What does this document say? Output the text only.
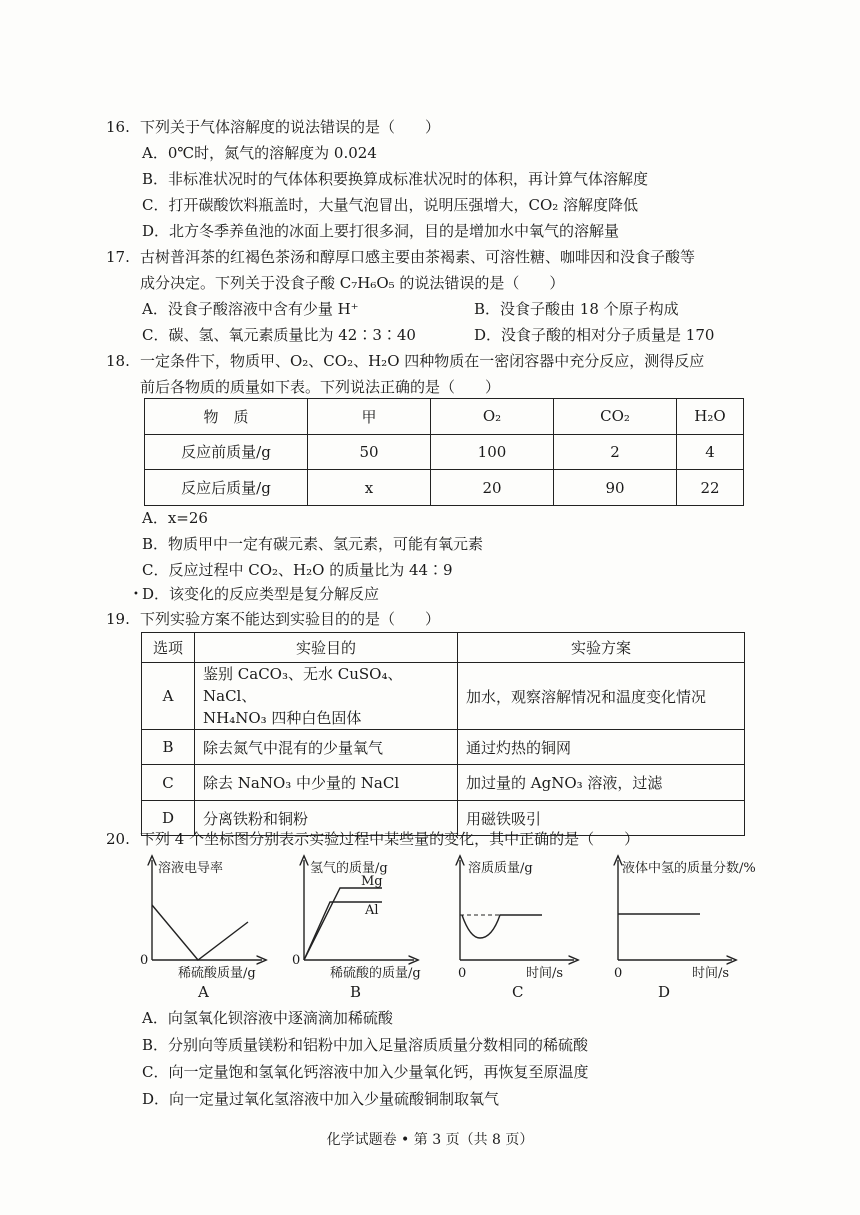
16. 下列关于气体溶解度的说法错误的是（　　）
A．0℃时，氮气的溶解度为 0.024
B．非标准状况时的气体体积要换算成标准状况时的体积，再计算气体溶解度
C．打开碳酸饮料瓶盖时，大量气泡冒出，说明压强增大，CO₂ 溶解度降低
D．北方冬季养鱼池的冰面上要打很多洞，目的是增加水中氧气的溶解量
17. 古树普洱茶的红褐色茶汤和醇厚口感主要由茶褐素、可溶性糖、咖啡因和没食子酸等
成分决定。下列关于没食子酸 C₇H₆O₅ 的说法错误的是（　　）
A．没食子酸溶液中含有少量 H⁺	B．没食子酸由 18 个原子构成
C．碳、氢、氧元素质量比为 42∶3∶40	D．没食子酸的相对分子质量是 170
18. 一定条件下，物质甲、O₂、CO₂、H₂O 四种物质在一密闭容器中充分反应，测得反应
前后各物质的质量如下表。下列说法正确的是（　　）
物　质	甲	O₂	CO₂	H₂O
反应前质量/g	50	100	2	4
反应后质量/g	x	20	90	22
A．x=26
B．物质甲中一定有碳元素、氢元素，可能有氧元素
C．反应过程中 CO₂、H₂O 的质量比为 44∶9
• D．该变化的反应类型是复分解反应
19. 下列实验方案不能达到实验目的的是（　　）
选项	实验目的	实验方案
A	鉴别 CaCO₃、无水 CuSO₄、NaCl、
NH₄NO₃ 四种白色固体	加水，观察溶解情况和温度变化情况
B	除去氮气中混有的少量氧气	通过灼热的铜网
C	除去 NaNO₃ 中少量的 NaCl	加过量的 AgNO₃ 溶液，过滤
D	分离铁粉和铜粉	用磁铁吸引
20. 下列 4 个坐标图分别表示实验过程中某些量的变化，其中正确的是（　　）
溶液电导率
稀硫酸质量/g
0
A
氢气的质量/g
Mg
Al
稀硫酸的质量/g
0
B
溶质质量/g
时间/s
0
C
液体中氢的质量分数/%
时间/s
0
D
A．向氢氧化钡溶液中逐滴滴加稀硫酸
B．分别向等质量镁粉和铝粉中加入足量溶质质量分数相同的稀硫酸
C．向一定量饱和氢氧化钙溶液中加入少量氧化钙，再恢复至原温度
D．向一定量过氧化氢溶液中加入少量硫酸铜制取氧气
化学试题卷 • 第 3 页（共 8 页）
